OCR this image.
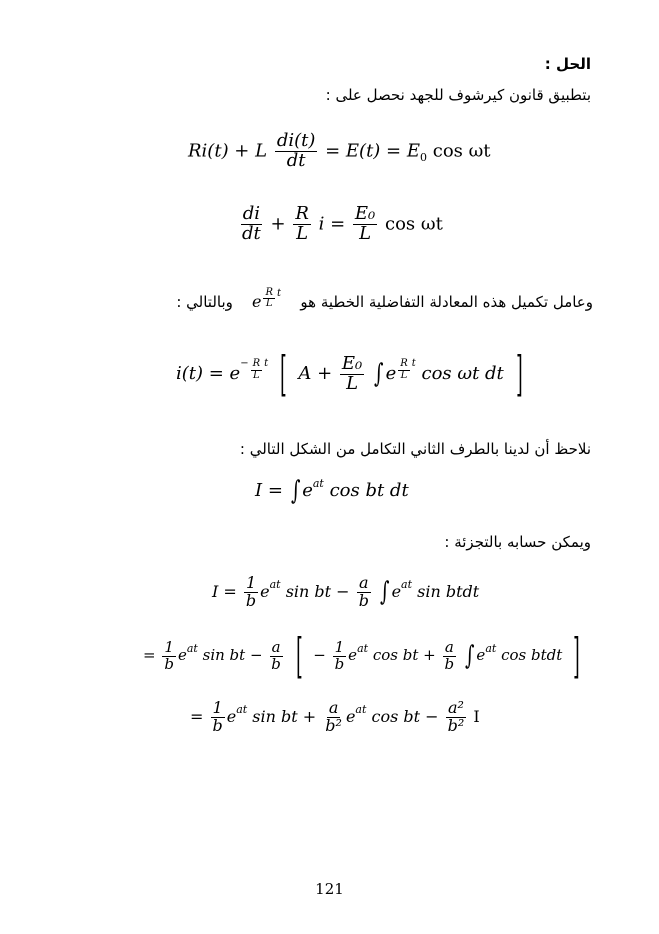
الحل :
بتطبيق قانون كيرشوف للجهد نحصل على :
Ri(t) + L $\frac{di(t)}{dt} = E(t) = E_0$ cos ωt
$\frac{di}{dt} + \frac{R}{L}$ $i = \frac{\text{E₀}}{L}$ cos ωt
وبالتالي : e $\frac{R}{L}$ t وعامل تكميل هذه المعادلة التفاضلية الخطية هو
$i(t) = e - \frac{R}{L}$ t [ $A + \frac{\text{E₀}}{L}$ ∫ e $\frac{R}{L}$ t cos ωt dt ]
نلاحظ أن لدينا بالطرف الثاني التكامل من الشكل التالي :
I = ∫ $e^{at}$ cos bt dt
ويمكن حسابه بالتجزئة :
$I = \frac{1}{b} e^{at}$ sin bt − $\frac{a}{b}$ ∫ $e^{at}$ sin btdt
= $\frac{1}{b} e^{at}$ sin bt − $\frac{a}{b}$ [ − $\frac{1}{b} e^{at}$ cos bt + $\frac{a}{b}$ ∫ $e^{at}$ cos btdt ]
= $\frac{1}{b} e^{at}$ sin bt + $\frac{a}{\text{b²}} e^{at}$ cos bt − $\frac{\text{a²}}{\text{b²}}$ I
121
